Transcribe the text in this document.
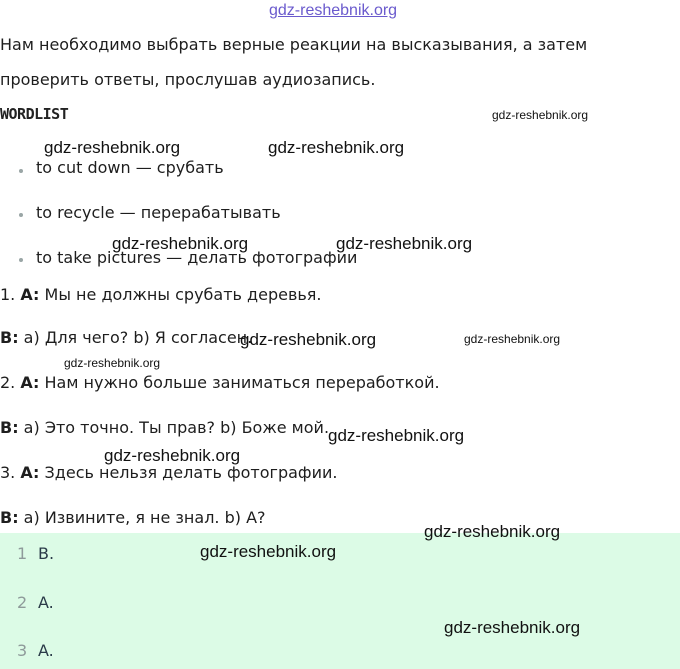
gdz-reshebnik.org
Нам необходимо выбрать верные реакции на высказывания, а затем
проверить ответы, прослушав аудиозапись.
WORDLIST
to cut down — срубать
to recycle — перерабатывать
to take pictures — делать фотографии
1. A: Мы не должны срубать деревья.
B: a) Для чего? b) Я согласен.
2. A: Нам нужно больше заниматься переработкой.
B: a) Это точно. Ты прав? b) Боже мой.
3. A: Здесь нельзя делать фотографии.
B: a) Извините, я не знал. b) А?
1 B.
2 A.
3 A.
gdz-reshebnik.org
gdz-reshebnik.org	gdz-reshebnik.org
gdz-reshebnik.org	gdz-reshebnik.org
gdz-reshebnik.org	gdz-reshebnik.org
gdz-reshebnik.org
gdz-reshebnik.org
gdz-reshebnik.org
gdz-reshebnik.org
gdz-reshebnik.org
gdz-reshebnik.org
